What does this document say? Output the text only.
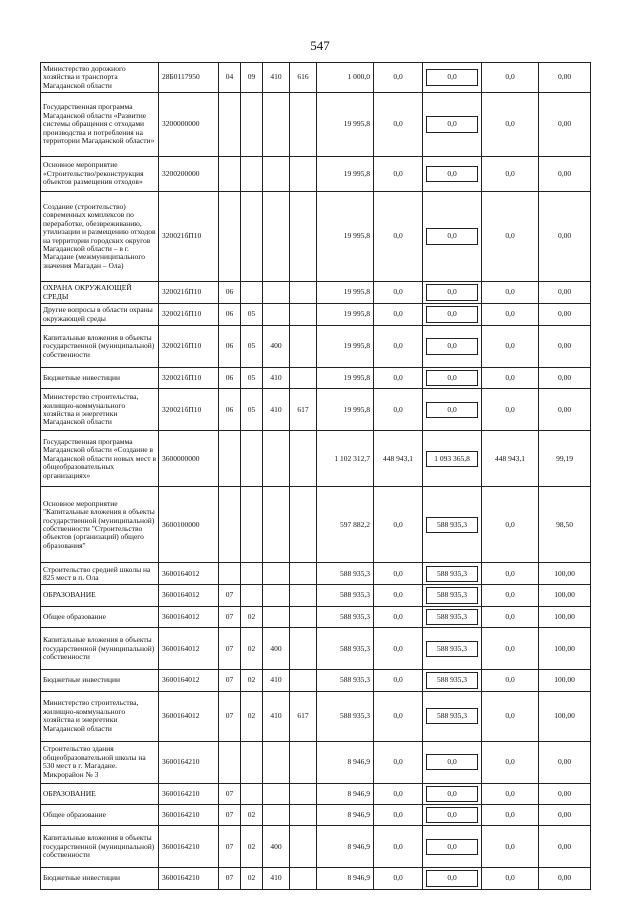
547
Министерство дорожного хозяйства и транспорта Магаданской области	28Б0117950	04	09	410	616	1 000,0	0,0	0,0	0,0	0,00
Государственная программа Магаданской области «Развитие системы обращения с отходами производства и потребления на территории Магаданской области»	3200000000					19 995,8	0,0	0,0	0,0	0,00
Основное мероприятие «Строительство/реконструкция объектов размещения отходов»	3200200000					19 995,8	0,0	0,0	0,0	0,00
Создание (строительство) современных комплексов по переработке, обезвреживанию, утилизации и размещению отходов на территории городских округов Магаданской области – в г. Магадане (межмуниципального значения Магадан – Ола)	320021бП10					19 995,8	0,0	0,0	0,0	0,00
ОХРАНА ОКРУЖАЮЩЕЙ СРЕДЫ	320021бП10	06				19 995,8	0,0	0,0	0,0	0,00
Другие вопросы в области охраны окружающей среды	320021бП10	06	05			19 995,8	0,0	0,0	0,0	0,00
Капитальные вложения в объекты государственной (муниципальной) собственности	320021бП10	06	05	400		19 995,8	0,0	0,0	0,0	0,00
Бюджетные инвестиции	320021бП10	06	05	410		19 995,8	0,0	0,0	0,0	0,00
Министерство строительства, жилищно-коммунального хозяйства и энергетики Магаданской области	320021бП10	06	05	410	617	19 995,8	0,0	0,0	0,0	0,00
Государственная программа Магаданской области «Создание в Магаданской области новых мест в общеобразовательных организациях»	3600000000					1 102 312,7	448 943,1	1 093 365,8	448 943,1	99,19
Основное мероприятие "Капитальные вложения в объекты государственной (муниципальной) собственности "Строительство объектов (организаций) общего образования"	3600100000					597 882,2	0,0	588 935,3	0,0	98,50
Строительство средней школы на 825 мест в п. Ола	3600164012					588 935,3	0,0	588 935,3	0,0	100,00
ОБРАЗОВАНИЕ	3600164012	07				588 935,3	0,0	588 935,3	0,0	100,00
Общее образование	3600164012	07	02			588 935,3	0,0	588 935,3	0,0	100,00
Капитальные вложения в объекты государственной (муниципальной) собственности	3600164012	07	02	400		588 935,3	0,0	588 935,3	0,0	100,00
Бюджетные инвестиции	3600164012	07	02	410		588 935,3	0,0	588 935,3	0,0	100,00
Министерство строительства, жилищно-коммунального хозяйства и энергетики Магаданской области	3600164012	07	02	410	617	588 935,3	0,0	588 935,3	0,0	100,00
Строительство здания общеобразовательной школы на 530 мест в г. Магадане. Микрорайон № 3	3600164210					8 946,9	0,0	0,0	0,0	0,00
ОБРАЗОВАНИЕ	3600164210	07				8 946,9	0,0	0,0	0,0	0,00
Общее образование	3600164210	07	02			8 946,9	0,0	0,0	0,0	0,00
Капитальные вложения в объекты государственной (муниципальной) собственности	3600164210	07	02	400		8 946,9	0,0	0,0	0,0	0,00
Бюджетные инвестиции	3600164210	07	02	410		8 946,9	0,0	0,0	0,0	0,00
